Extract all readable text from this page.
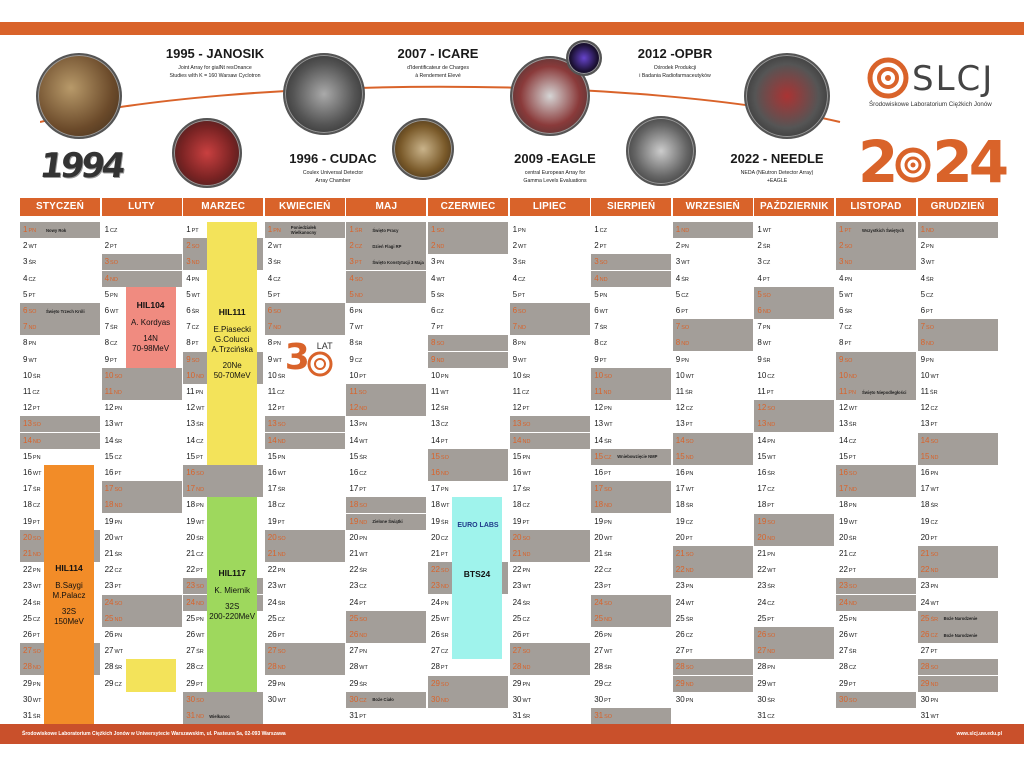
1994
1995 - JANOSIK
Joint Array for gialNt resOnance
Studies wIth K = 160 Warsaw Cyclotron
1996 - CUDAC
Coulex Universal Detector
Array Chamber
2007 - ICARE
d'Identificateur de Charges
à Rendement Elevé
2009 -EAGLE
central European Array for
Gamma Levels Evaluations
2012 -OPBR
Ośrodek Produkcji
i Badania Radiofarmaceutyków
2022 - NEEDLE
NEDA (NEutron Detector Array)
+EAGLE
SLCJ
Środowiskowe Laboratorium Ciężkich Jonów
2 24
STYCZEŃ
1PN Nowy Rok
2WT
3ŚR
4CZ
5PT
6SO Święto Trzech Króli
7ND
8PN
9WT
10ŚR
11CZ
12PT
13SO
14ND
15PN
16WT
17ŚR
18CZ
19PT
20SO
21ND
22PN
23WT
24ŚR
25CZ
26PT
27SO
28ND
29PN
30WT
31ŚR
LUTY
1CZ
2PT
3SO
4ND
5PN
6WT
7ŚR
8CZ
9PT
10SO
11ND
12PN
13WT
14ŚR
15CZ
16PT
17SO
18ND
19PN
20WT
21ŚR
22CZ
23PT
24SO
25ND
26PN
27WT
28ŚR
29CZ
MARZEC
1PT
2SO
3ND
4PN
5WT
6ŚR
7CZ
8PT
9SO
10ND
11PN
12WT
13ŚR
14CZ
15PT
16SO
17ND
18PN
19WT
20ŚR
21CZ
22PT
23SO
24ND
25PN
26WT
27ŚR
28CZ
29PT
30SO
31ND Wielkanoc
KWIECIEŃ
1PN
Poniedziałek Wielkanocny
2WT
3ŚR
4CZ
5PT
6SO
7ND
8PN
9WT
10ŚR
11CZ
12PT
13SO
14ND
15PN
16WT
17ŚR
18CZ
19PT
20SO
21ND
22PN
23WT
24ŚR
25CZ
26PT
27SO
28ND
29PN
30WT
MAJ
1ŚR Święto Pracy
2CZ Dzień Flagi RP
3PT	Święto Konstytucji 3 Maja
4SO
5ND
6PN
7WT
8ŚR
9CZ
10PT
11SO
12ND
13PN
14WT
15ŚR
16CZ
17PT
18SO
19ND Zielone Świątki
20PN
21WT
22ŚR
23CZ
24PT
25SO
26ND
27PN
28WT
29ŚR
30CZ Boże Ciało
31PT
CZERWIEC
1SO
2ND
3PN
4WT
5ŚR
6CZ
7PT
8SO
9ND
10PN
11WT
12ŚR
13CZ
14PT
15SO
16ND
17PN
18WT
19ŚR
20CZ
21PT
22SO
23ND
24PN
25WT
26ŚR
27CZ
28PT
29SO
30ND
LIPIEC
1PN
2WT
3ŚR
4CZ
5PT
6SO
7ND
8PN
9WT
10ŚR
11CZ
12PT
13SO
14ND
15PN
16WT
17ŚR
18CZ
19PT
20SO
21ND
22PN
23WT
24ŚR
25CZ
26PT
27SO
28ND
29PN
30WT
31ŚR
SIERPIEŃ
1CZ
2PT
3SO
4ND
5PN
6WT
7ŚR
8CZ
9PT
10SO
11ND
12PN
13WT
14ŚR
15CZ Wniebowzięcie NMP
16PT
17SO
18ND
19PN
20WT
21ŚR
22CZ
23PT
24SO
25ND
26PN
27WT
28ŚR
29CZ
30PT
31SO
WRZESIEŃ
1ND
2PN
3WT
4ŚR
5CZ
6PT
7SO
8ND
9PN
10WT
11ŚR
12CZ
13PT
14SO
15ND
16PN
17WT
18ŚR
19CZ
20PT
21SO
22ND
23PN
24WT
25ŚR
26CZ
27PT
28SO
29ND
30PN
PAŹDZIERNIK
1WT
2ŚR
3CZ
4PT
5SO
6ND
7PN
8WT
9ŚR
10CZ
11PT
12SO
13ND
14PN
15WT
16ŚR
17CZ
18PT
19SO
20ND
21PN
22WT
23ŚR
24CZ
25PT
26SO
27ND
28PN
29WT
30ŚR
31CZ
LISTOPAD
1PT	Wszystkich Świętych
2SO
3ND
4PN
5WT
6ŚR
7CZ
8PT
9SO
10ND
11PN Święto Niepodległości
12WT
13ŚR
14CZ
15PT
16SO
17ND
18PN
19WT
20ŚR
21CZ
22PT
23SO
24ND
25PN
26WT
27ŚR
28CZ
29PT
30SO
GRUDZIEŃ
1ND
2PN
3WT
4ŚR
5CZ
6PT
7SO
8ND
9PN
10WT
11ŚR
12CZ
13PT
14SO
15ND
16PN
17WT
18ŚR
19CZ
20PT
21SO
22ND
23PN
24WT
25ŚR Boże Narodzenie
26CZ Boże Narodzenie
27PT
28SO
29ND
30PN
31WT
HIL114
B.Saygi
M.Palacz
32S
150MeV
HIL104
A. Kordyas
14N
70-98MeV
HIL111
E.Piasecki
G.Colucci
A.Trzcińska
20Ne
50-70MeV
HIL117
K. Miernik
32S
200-220MeV
BTS24
EURO LABS
3 LAT
Środowiskowe Laboratorium Ciężkich Jonów w Uniwersytecie Warszawskim, ul. Pasteura 5a, 02-093 Warszawa	www.slcj.uw.edu.pl
